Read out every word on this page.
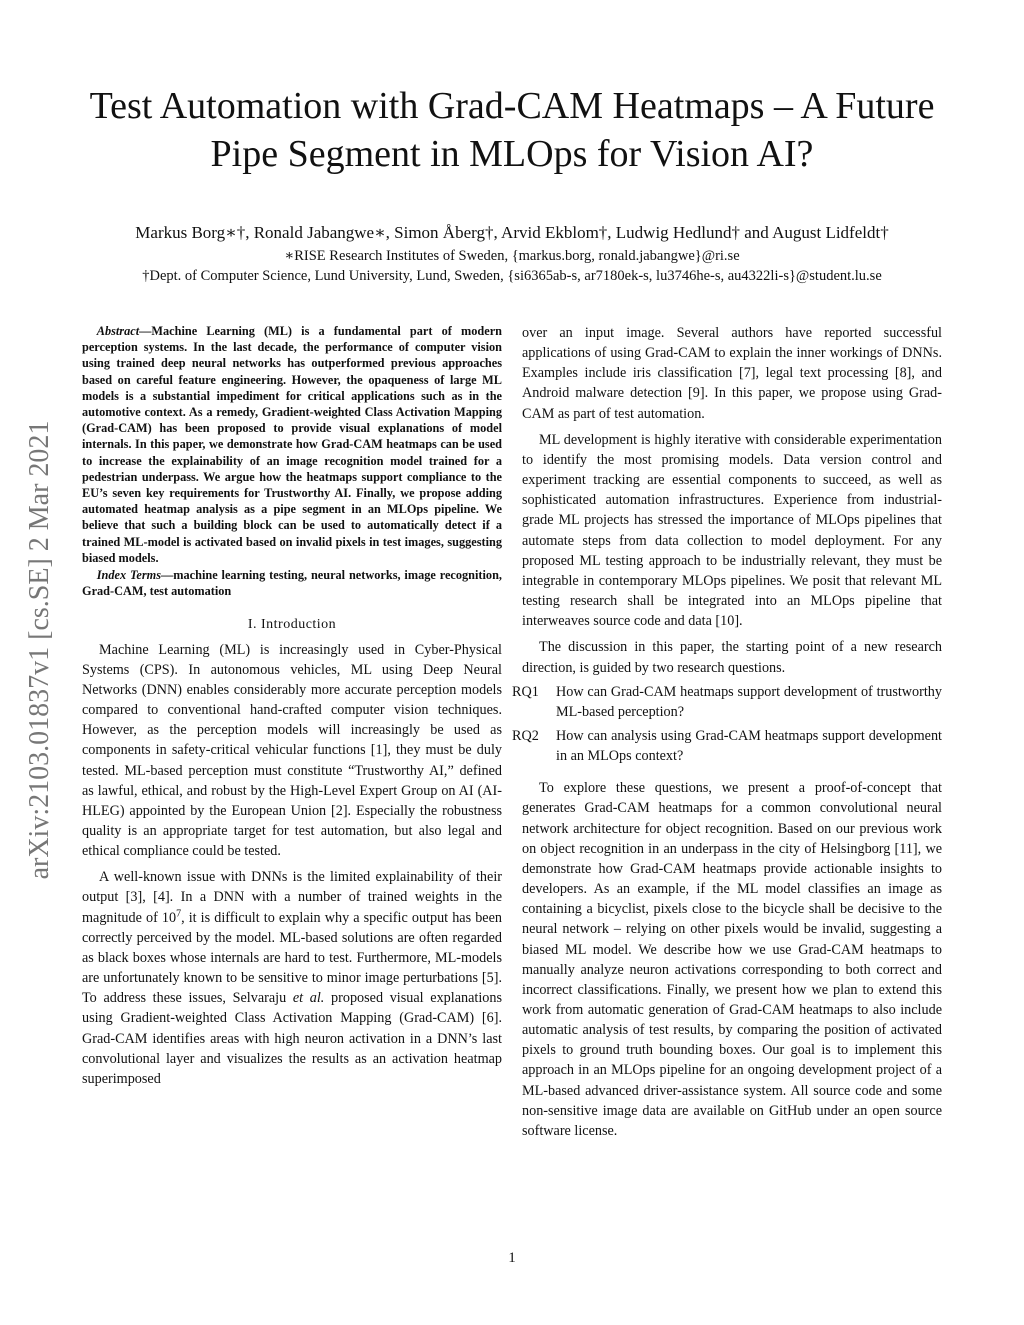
Test Automation with Grad-CAM Heatmaps – A Future Pipe Segment in MLOps for Vision AI?
Markus Borg∗†, Ronald Jabangwe∗, Simon Åberg†, Arvid Ekblom†, Ludwig Hedlund† and August Lidfeldt†
∗RISE Research Institutes of Sweden, {markus.borg, ronald.jabangwe}@ri.se
†Dept. of Computer Science, Lund University, Lund, Sweden, {si6365ab-s, ar7180ek-s, lu3746he-s, au4322li-s}@student.lu.se
arXiv:2103.01837v1 [cs.SE] 2 Mar 2021

Abstract—Machine Learning (ML) is a fundamental part of modern perception systems. In the last decade, the performance of computer vision using trained deep neural networks has outperformed previous approaches based on careful feature engineering. However, the opaqueness of large ML models is a substantial impediment for critical applications such as in the automotive context. As a remedy, Gradient-weighted Class Activation Mapping (Grad-CAM) has been proposed to provide visual explanations of model internals. In this paper, we demonstrate how Grad-CAM heatmaps can be used to increase the explainability of an image recognition model trained for a pedestrian underpass. We argue how the heatmaps support compliance to the EU’s seven key requirements for Trustworthy AI. Finally, we propose adding automated heatmap analysis as a pipe segment in an MLOps pipeline. We believe that such a building block can be used to automatically detect if a trained ML-model is activated based on invalid pixels in test images, suggesting biased models.

Index Terms—machine learning testing, neural networks, image recognition, Grad-CAM, test automation

I. Introduction

Machine Learning (ML) is increasingly used in Cyber-Physical Systems (CPS). In autonomous vehicles, ML using Deep Neural Networks (DNN) enables considerably more accurate perception models compared to conventional hand-crafted computer vision techniques. However, as the perception models will increasingly be used as components in safety-critical vehicular functions [1], they must be duly tested. ML-based perception must constitute “Trustworthy AI,” defined as lawful, ethical, and robust by the High-Level Expert Group on AI (AI-HLEG) appointed by the European Union [2]. Especially the robustness quality is an appropriate target for test automation, but also legal and ethical compliance could be tested.

A well-known issue with DNNs is the limited explainability of their output [3], [4]. In a DNN with a number of trained weights in the magnitude of $10^7$, it is difficult to explain why a specific output has been correctly perceived by the model. ML-based solutions are often regarded as black boxes whose internals are hard to test. Furthermore, ML-models are unfortunately known to be sensitive to minor image perturbations [5]. To address these issues, Selvaraju et al. proposed visual explanations using Gradient-weighted Class Activation Mapping (Grad-CAM) [6]. Grad-CAM identifies areas with high neuron activation in a DNN’s last convolutional layer and visualizes the results as an activation heatmap superimposed

over an input image. Several authors have reported successful applications of using Grad-CAM to explain the inner workings of DNNs. Examples include iris classification [7], legal text processing [8], and Android malware detection [9]. In this paper, we propose using Grad-CAM as part of test automation.

ML development is highly iterative with considerable experimentation to identify the most promising models. Data version control and experiment tracking are essential components to succeed, as well as sophisticated automation infrastructures. Experience from industrial-grade ML projects has stressed the importance of MLOps pipelines that automate steps from data collection to model deployment. For any proposed ML testing approach to be industrially relevant, they must be integrable in contemporary MLOps pipelines. We posit that relevant ML testing research shall be integrated into an MLOps pipeline that interweaves source code and data [10].

The discussion in this paper, the starting point of a new research direction, is guided by two research questions.

RQ1	How can Grad-CAM heatmaps support development of trustworthy ML-based perception?
RQ2	How can analysis using Grad-CAM heatmaps support development in an MLOps context?

To explore these questions, we present a proof-of-concept that generates Grad-CAM heatmaps for a common convolutional neural network architecture for object recognition. Based on our previous work on object recognition in an underpass in the city of Helsingborg [11], we demonstrate how Grad-CAM heatmaps provide actionable insights to developers. As an example, if the ML model classifies an image as containing a bicyclist, pixels close to the bicycle shall be decisive to the neural network – relying on other pixels would be invalid, suggesting a biased ML model. We describe how we use Grad-CAM heatmaps to manually analyze neuron activations corresponding to both correct and incorrect classifications. Finally, we present how we plan to extend this work from automatic generation of Grad-CAM heatmaps to also include automatic analysis of test results, by comparing the position of activated pixels to ground truth bounding boxes. Our goal is to implement this approach in an MLOps pipeline for an ongoing development project of a ML-based advanced driver-assistance system. All source code and some non-sensitive image data are available on GitHub under an open source software license.

1
